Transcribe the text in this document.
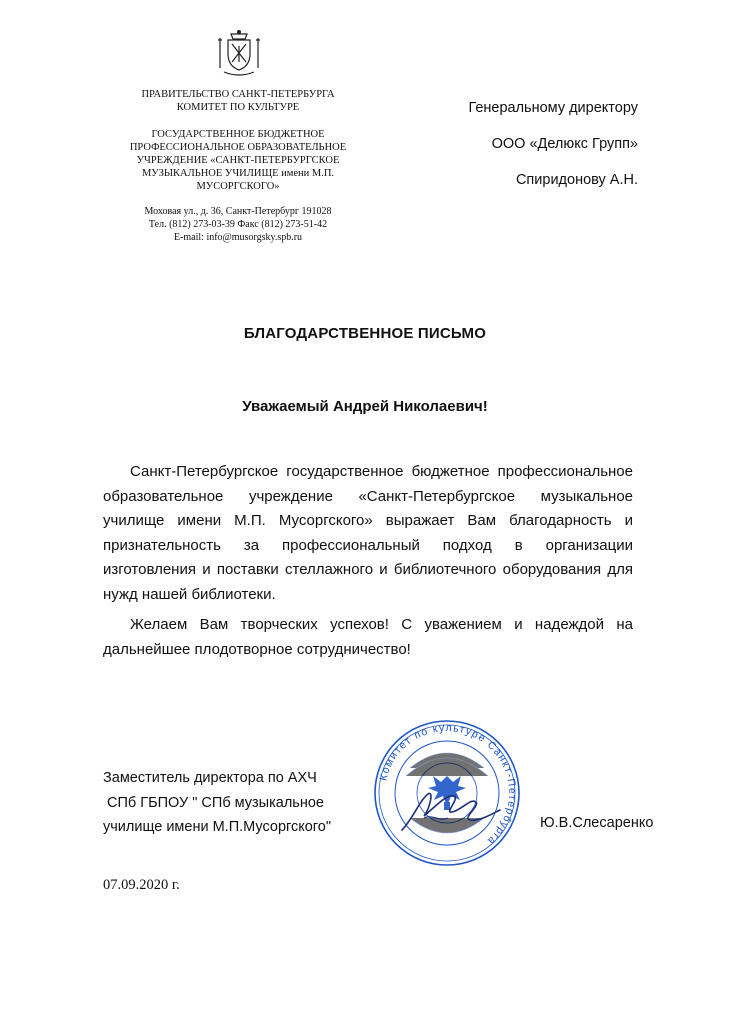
ПРАВИТЕЛЬСТВО САНКТ-ПЕТЕРБУРГА
КОМИТЕТ ПО КУЛЬТУРЕ
ГОСУДАРСТВЕННОЕ БЮДЖЕТНОЕ
ПРОФЕССИОНАЛЬНОЕ ОБРАЗОВАТЕЛЬНОЕ
УЧРЕЖДЕНИЕ «САНКТ-ПЕТЕРБУРГСКОЕ
МУЗЫКАЛЬНОЕ УЧИЛИЩЕ имени М.П.
МУСОРГСКОГО»
Моховая ул., д. 36, Санкт-Петербург 191028
Тел. (812) 273-03-39 Факс (812) 273-51-42
E-mail: info@musorgsky.spb.ru
Генеральному директору
ООО «Делюкс Групп»
Спиридонову А.Н.
БЛАГОДАРСТВЕННОЕ ПИСЬМО
Уважаемый Андрей Николаевич!
Санкт-Петербургское государственное бюджетное профессиональное образовательное учреждение «Санкт-Петербургское музыкальное училище имени М.П. Мусоргского» выражает Вам благодарность и признательность за профессиональный подход в организации изготовления и поставки стеллажного и библиотечного оборудования для нужд нашей библиотеки.
Желаем Вам творческих успехов! С уважением и надеждой на дальнейшее плодотворное сотрудничество!
Заместитель директора по АХЧ
СПб ГБПОУ " СПб музыкальное
училище имени М.П.Мусоргского"	Ю.В.Слесаренко
Комитет по культуре Санкт-Петербурга
07.09.2020 г.
